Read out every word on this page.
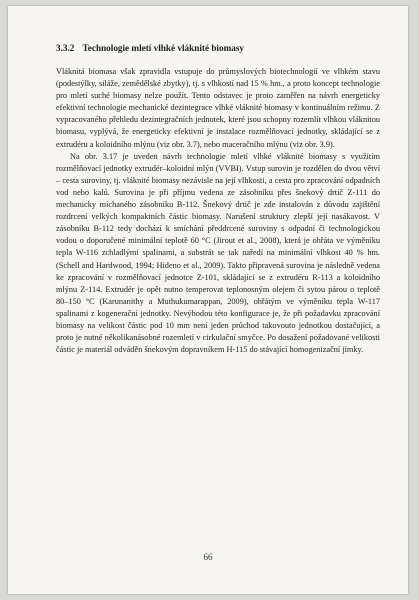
3.3.2 Technologie mletí vlhké vláknité biomasy

Vláknitá biomasa však zpravidla vstupuje do průmyslových biotechnologií ve vlhkém stavu (podestýlky, siláže, zemědělské zbytky), tj. s vlhkostí nad 15 % hm., a proto koncept technologie pro mletí suché biomasy nelze použít. Tento odstavec je proto zaměřen na návrh energeticky efektivní technologie mechanické dezintegrace vlhké vláknité biomasy v kontinuálním režimu. Z vypracovaného přehledu dezintegračních jednotek, které jsou schopny rozemlít vlhkou vláknitou biomasu, vyplývá, že energeticky efektivní je instalace rozmělňovací jednotky, skládající se z extrudéru a koloidního mlýnu (viz obr. 3.7), nebo maceračního mlýnu (viz obr. 3.9).

Na obr. 3.17 je uveden návrh technologie mletí vlhké vláknité biomasy s využitím rozmělňovací jednotky extrudér–koloidní mlýn (VVBI). Vstup surovin je rozdělen do dvou větví – cesta suroviny, tj. vláknité biomasy nezávisle na její vlhkosti, a cesta pro zpracování odpadních vod nebo kalů. Surovina je při příjmu vedena ze zásobníku přes šnekový drtič Z-111 do mechanicky míchaného zásobníku B-112. Šnekový drtič je zde instalován z důvodu zajištění rozdrcení velkých kompaktních částic biomasy. Narušení struktury zlepší její nasákavost. V zásobníku B-112 tedy dochází k smíchání předdrcené suroviny s odpadní či technologickou vodou o doporučené minimální teplotě 60 °C (Jirout et al., 2008), která je ohřáta ve výměníku tepla W-116 zchladlými spalinami, a substrát se tak naředí na minimální vlhkost 40 % hm. (Schell and Hardwood, 1994; Hideno et al., 2009). Takto připravená surovina je následně vedena ke zpracování v rozmělňovací jednotce Z-101, skládající se z extrudéru R-113 a koloidního mlýnu Z-114. Extrudér je opět nutno temperovat teplonosným olejem či sytou párou o teplotě 80–150 °C (Karunanithy a Muthukumarappan, 2009), ohřátým ve výměníku tepla W-117 spalinami z kogenerační jednotky. Nevýhodou této konfigurace je, že při požadavku zpracování biomasy na velikost částic pod 10 mm není jeden průchod takovouto jednotkou dostačující, a proto je nutné několikanásobné rozemletí v cirkulační smyčce. Po dosažení požadované velikosti částic je materiál odváděn šnekovým dopravníkem H-115 do stávající homogenizační jímky.

66
